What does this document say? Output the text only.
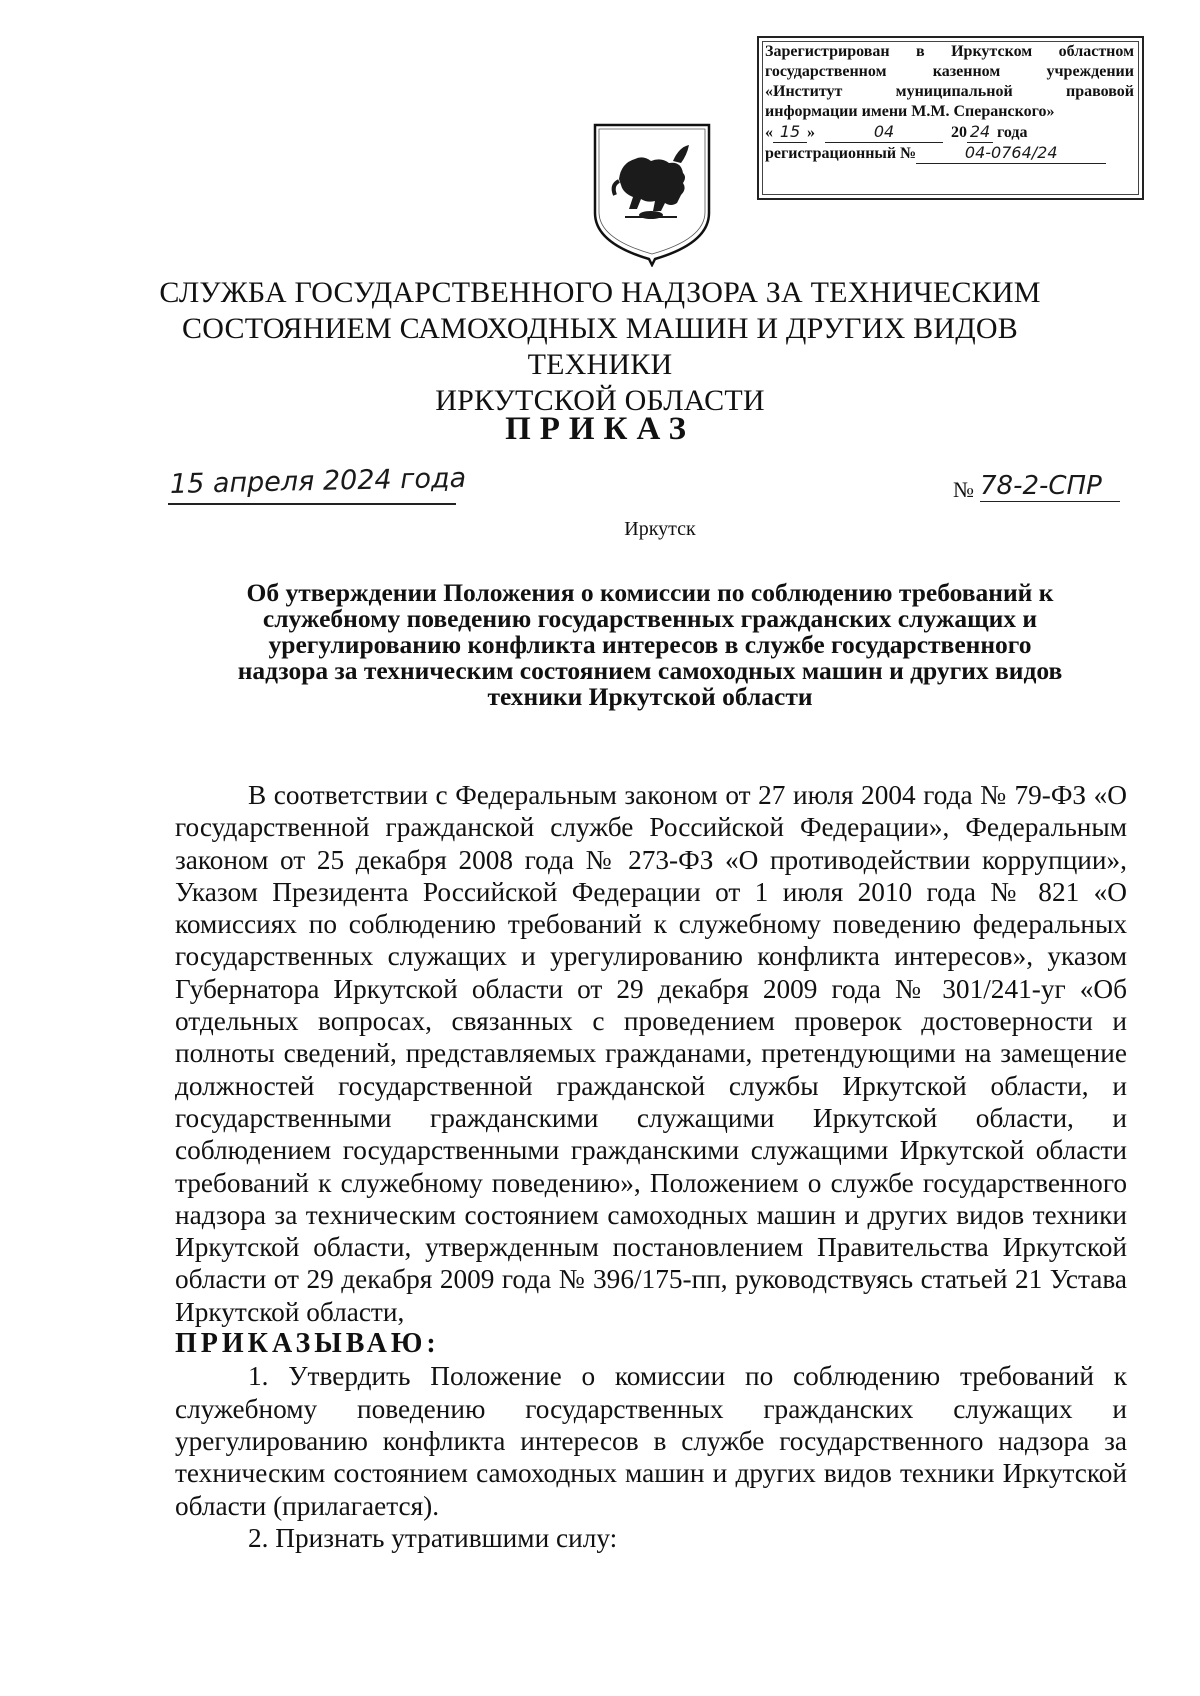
Зарегистрирован в Иркутском областном
государственном казенном учреждении
«Институт муниципальной правовой
информации имени М.М. Сперанского»
« 15 »	04	20 24 года
регистрационный №	04-0764/24
СЛУЖБА ГОСУДАРСТВЕННОГО НАДЗОРА ЗА ТЕХНИЧЕСКИМ
СОСТОЯНИЕМ САМОХОДНЫХ МАШИН И ДРУГИХ ВИДОВ ТЕХНИКИ
ИРКУТСКОЙ ОБЛАСТИ
ПРИКАЗ
15 апреля 2024 года	№ 78-2-СПР
Иркутск
Об утверждении Положения о комиссии по соблюдению требований к
служебному поведению государственных гражданских служащих и
урегулированию конфликта интересов в службе государственного
надзора за техническим состоянием самоходных машин и других видов
техники Иркутской области

В соответствии с Федеральным законом от 27 июля 2004 года № 79-ФЗ «О государственной гражданской службе Российской Федерации», Федеральным законом от 25 декабря 2008 года № 273-ФЗ «О противодействии коррупции», Указом Президента Российской Федерации от 1 июля 2010 года № 821 «О комиссиях по соблюдению требований к служебному поведению федеральных государственных служащих и урегулированию конфликта интересов», указом Губернатора Иркутской области от 29 декабря 2009 года № 301/241-уг «Об отдельных вопросах, связанных с проведением проверок достоверности и полноты сведений, представляемых гражданами, претендующими на замещение должностей государственной гражданской службы Иркутской области, и государственными гражданскими служащими Иркутской области, и соблюдением государственными гражданскими служащими Иркутской области требований к служебному поведению», Положением о службе государственного надзора за техническим состоянием самоходных машин и других видов техники Иркутской области, утвержденным постановлением Правительства Иркутской области от 29 декабря 2009 года № 396/175-пп, руководствуясь статьей 21 Устава Иркутской области,

ПРИКАЗЫВАЮ:

1. Утвердить Положение о комиссии по соблюдению требований к служебному поведению государственных гражданских служащих и урегулированию конфликта интересов в службе государственного надзора за техническим состоянием самоходных машин и других видов техники Иркутской области (прилагается).

2. Признать утратившими силу:
